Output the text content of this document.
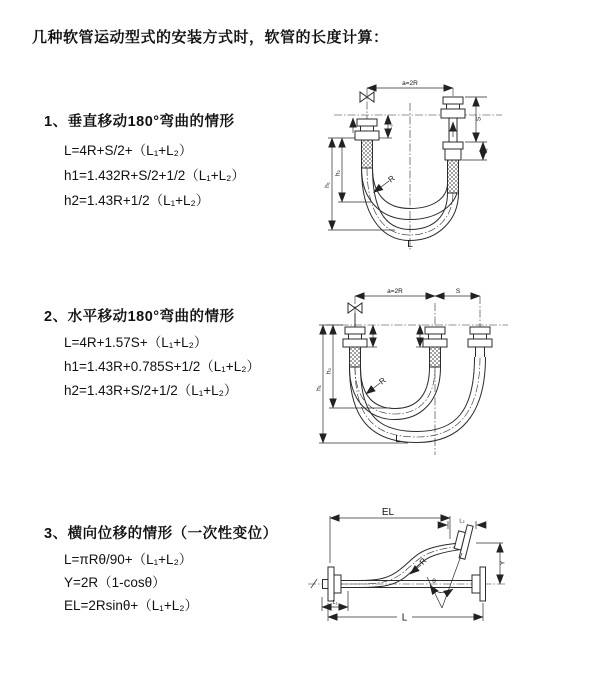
几种软管运动型式的安装方式时，软管的长度计算：
1、垂直移动180°弯曲的情形
L=4R+S/2+（L₁+L₂）
h1=1.432R+S/2+1/2（L₁+L₂）
h2=1.43R+1/2（L₁+L₂）
a=2R
L₁
S
L₂
h₁
h₂
R
L
2、水平移动180°弯曲的情形
L=4R+1.57S+（L₁+L₂）
h1=1.43R+0.785S+1/2（L₁+L₂）
h2=1.43R+S/2+1/2（L₁+L₂）
a=2R	S
h₁
h₂
R
L
3、横向位移的情形（一次性变位）
L=πRθ/90+（L₁+L₂）
Y=2R（1-cosθ）
EL=2Rsinθ+（L₁+L₂）
θ
EL
L₂
Y
L₁
L
R
